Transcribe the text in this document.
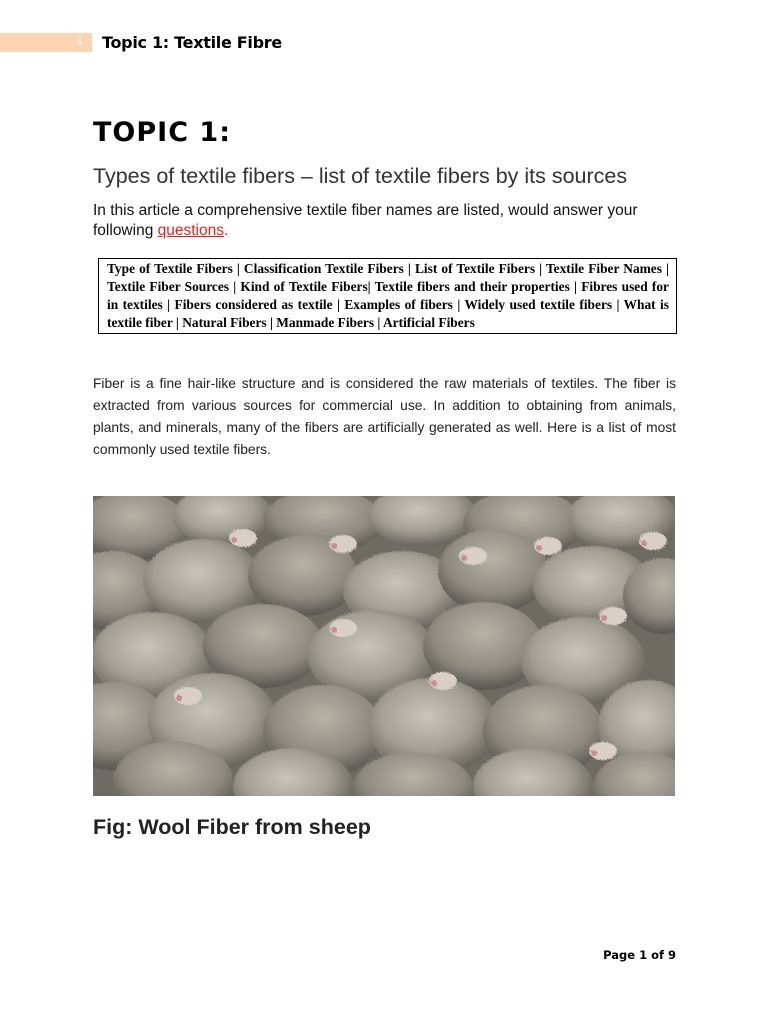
1 Topic 1: Textile Fibre
TOPIC 1:
Types of textile fibers – list of textile fibers by its sources

In this article a comprehensive textile fiber names are listed, would answer your following questions.

Type of Textile Fibers | Classification Textile Fibers | List of Textile Fibers | Textile Fiber Names | Textile Fiber Sources | Kind of Textile Fibers| Textile fibers and their properties | Fibres used for in textiles | Fibers considered as textile | Examples of fibers | Widely used textile fibers | What is textile fiber | Natural Fibers | Manmade Fibers | Artificial Fibers

Fiber is a fine hair-like structure and is considered the raw materials of textiles. The fiber is extracted from various sources for commercial use. In addition to obtaining from animals, plants, and minerals, many of the fibers are artificially generated as well. Here is a list of most commonly used textile fibers.

Fig: Wool Fiber from sheep
Page 1 of 9
